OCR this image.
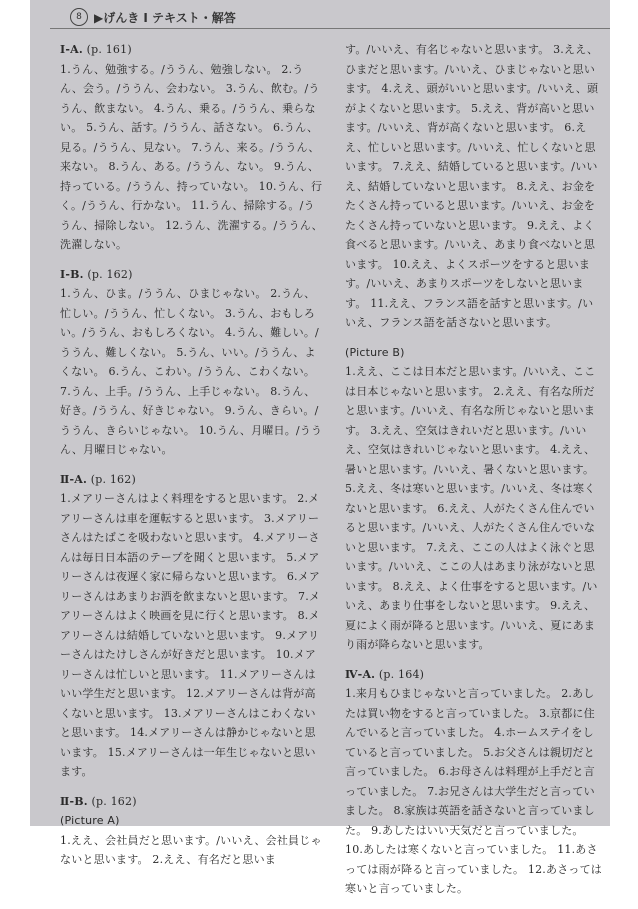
8	▶げんき I テキスト・解答

Ⅰ-A. (p. 161)

1.うん、勉強する。/ううん、勉強しない。 2.うん、会う。/ううん、会わない。 3.うん、飲む。/ううん、飲まない。 4.うん、乗る。/ううん、乗らない。 5.うん、話す。/ううん、話さない。 6.うん、見る。/ううん、見ない。 7.うん、来る。/ううん、来ない。 8.うん、ある。/ううん、ない。 9.うん、持っている。/ううん、持っていない。 10.うん、行く。/ううん、行かない。 11.うん、掃除する。/ううん、掃除しない。 12.うん、洗濯する。/ううん、洗濯しない。

Ⅰ-B. (p. 162)

1.うん、ひま。/ううん、ひまじゃない。 2.うん、忙しい。/ううん、忙しくない。 3.うん、おもしろい。/ううん、おもしろくない。 4.うん、難しい。/ううん、難しくない。 5.うん、いい。/ううん、よくない。 6.うん、こわい。/ううん、こわくない。 7.うん、上手。/ううん、上手じゃない。 8.うん、好き。/ううん、好きじゃない。 9.うん、きらい。/ううん、きらいじゃない。 10.うん、月曜日。/ううん、月曜日じゃない。

Ⅱ-A. (p. 162)

1.メアリーさんはよく料理をすると思います。 2.メアリーさんは車を運転すると思います。 3.メアリーさんはたばこを吸わないと思います。 4.メアリーさんは毎日日本語のテープを聞くと思います。 5.メアリーさんは夜遅く家に帰らないと思います。 6.メアリーさんはあまりお酒を飲まないと思います。 7.メアリーさんはよく映画を見に行くと思います。 8.メアリーさんは結婚していないと思います。 9.メアリーさんはたけしさんが好きだと思います。 10.メアリーさんは忙しいと思います。 11.メアリーさんはいい学生だと思います。 12.メアリーさんは背が高くないと思います。 13.メアリーさんはこわくないと思います。 14.メアリーさんは静かじゃないと思います。 15.メアリーさんは一年生じゃないと思います。

Ⅱ-B. (p. 162)

(Picture A)

1.ええ、会社員だと思います。/いいえ、会社員じゃないと思います。 2.ええ、有名だと思いま

す。/いいえ、有名じゃないと思います。 3.ええ、ひまだと思います。/いいえ、ひまじゃないと思います。 4.ええ、頭がいいと思います。/いいえ、頭がよくないと思います。 5.ええ、背が高いと思います。/いいえ、背が高くないと思います。 6.ええ、忙しいと思います。/いいえ、忙しくないと思います。 7.ええ、結婚していると思います。/いいえ、結婚していないと思います。 8.ええ、お金をたくさん持っていると思います。/いいえ、お金をたくさん持っていないと思います。 9.ええ、よく食べると思います。/いいえ、あまり食べないと思います。 10.ええ、よくスポーツをすると思います。/いいえ、あまりスポーツをしないと思います。 11.ええ、フランス語を話すと思います。/いいえ、フランス語を話さないと思います。

(Picture B)

1.ええ、ここは日本だと思います。/いいえ、ここは日本じゃないと思います。 2.ええ、有名な所だと思います。/いいえ、有名な所じゃないと思います。 3.ええ、空気はきれいだと思います。/いいえ、空気はきれいじゃないと思います。 4.ええ、暑いと思います。/いいえ、暑くないと思います。 5.ええ、冬は寒いと思います。/いいえ、冬は寒くないと思います。 6.ええ、人がたくさん住んでいると思います。/いいえ、人がたくさん住んでいないと思います。 7.ええ、ここの人はよく泳ぐと思います。/いいえ、ここの人はあまり泳がないと思います。 8.ええ、よく仕事をすると思います。/いいえ、あまり仕事をしないと思います。 9.ええ、夏によく雨が降ると思います。/いいえ、夏にあまり雨が降らないと思います。

Ⅳ-A. (p. 164)

1.来月もひまじゃないと言っていました。 2.あしたは買い物をすると言っていました。 3.京都に住んでいると言っていました。 4.ホームステイをしていると言っていました。 5.お父さんは親切だと言っていました。 6.お母さんは料理が上手だと言っていました。 7.お兄さんは大学生だと言っていました。 8.家族は英語を話さないと言っていました。 9.あしたはいい天気だと言っていました。 10.あしたは寒くないと言っていました。 11.あさっては雨が降ると言っていました。 12.あさっては寒いと言っていました。
